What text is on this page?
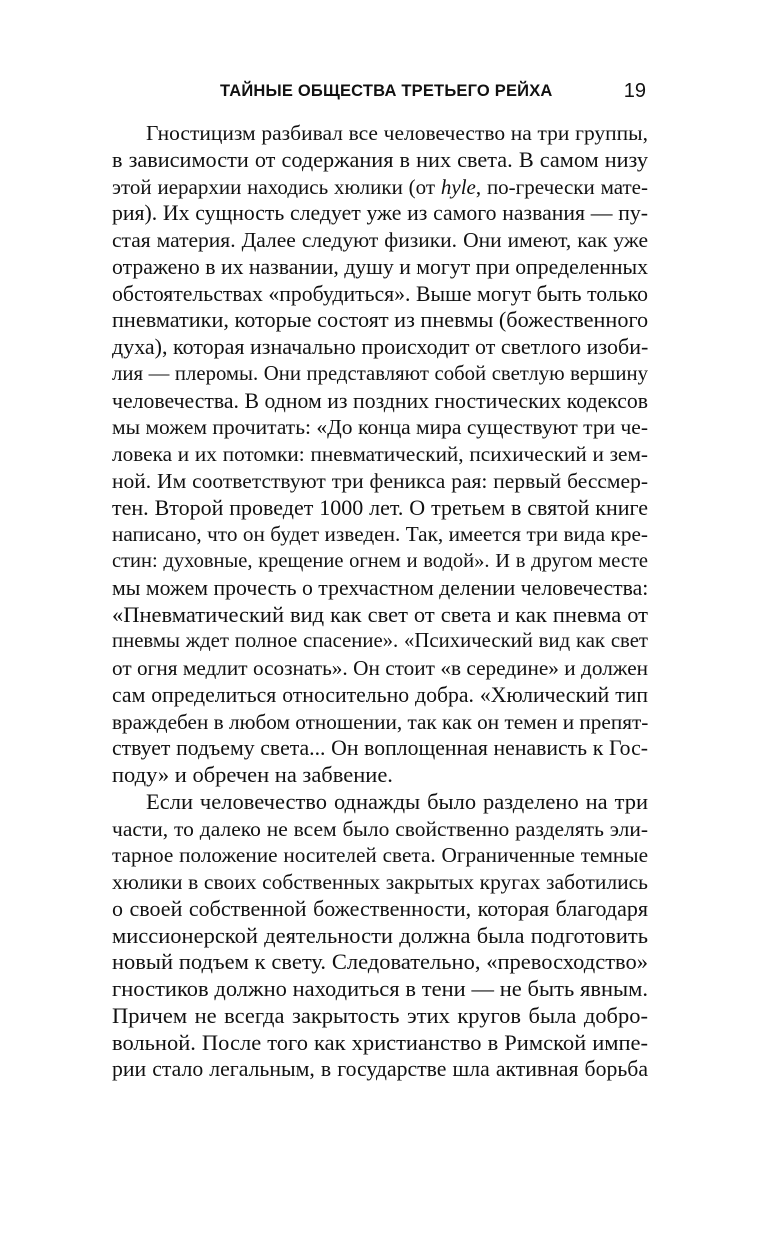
ТАЙНЫЕ ОБЩЕСТВА ТРЕТЬЕГО РЕЙХА	19
Гностицизм разбивал все человечество на три группы,
в зависимости от содержания в них света. В самом низу
этой иерархии находись хюлики (от hyle, по-гречески мате-
рия). Их сущность следует уже из самого названия — пу-
стая материя. Далее следуют физики. Они имеют, как уже
отражено в их названии, душу и могут при определенных
обстоятельствах «пробудиться». Выше могут быть только
пневматики, которые состоят из пневмы (божественного
духа), которая изначально происходит от светлого изоби-
лия — плеромы. Они представляют собой светлую вершину
человечества. В одном из поздних гностических кодексов
мы можем прочитать: «До конца мира существуют три че-
ловека и их потомки: пневматический, психический и зем-
ной. Им соответствуют три феникса рая: первый бессмер-
тен. Второй проведет 1000 лет. О третьем в святой книге
написано, что он будет изведен. Так, имеется три вида кре-
стин: духовные, крещение огнем и водой». И в другом месте
мы можем прочесть о трехчастном делении человечества:
«Пневматический вид как свет от света и как пневма от
пневмы ждет полное спасение». «Психический вид как свет
от огня медлит осознать». Он стоит «в середине» и должен
сам определиться относительно добра. «Хюлический тип
враждебен в любом отношении, так как он темен и препят-
ствует подъему света... Он воплощенная ненависть к Гос-
поду» и обречен на забвение.
Если человечество однажды было разделено на три
части, то далеко не всем было свойственно разделять эли-
тарное положение носителей света. Ограниченные темные
хюлики в своих собственных закрытых кругах заботились
о своей собственной божественности, которая благодаря
миссионерской деятельности должна была подготовить
новый подъем к свету. Следовательно, «превосходство»
гностиков должно находиться в тени — не быть явным.
Причем не всегда закрытость этих кругов была добро-
вольной. После того как христианство в Римской импе-
рии стало легальным, в государстве шла активная борьба
